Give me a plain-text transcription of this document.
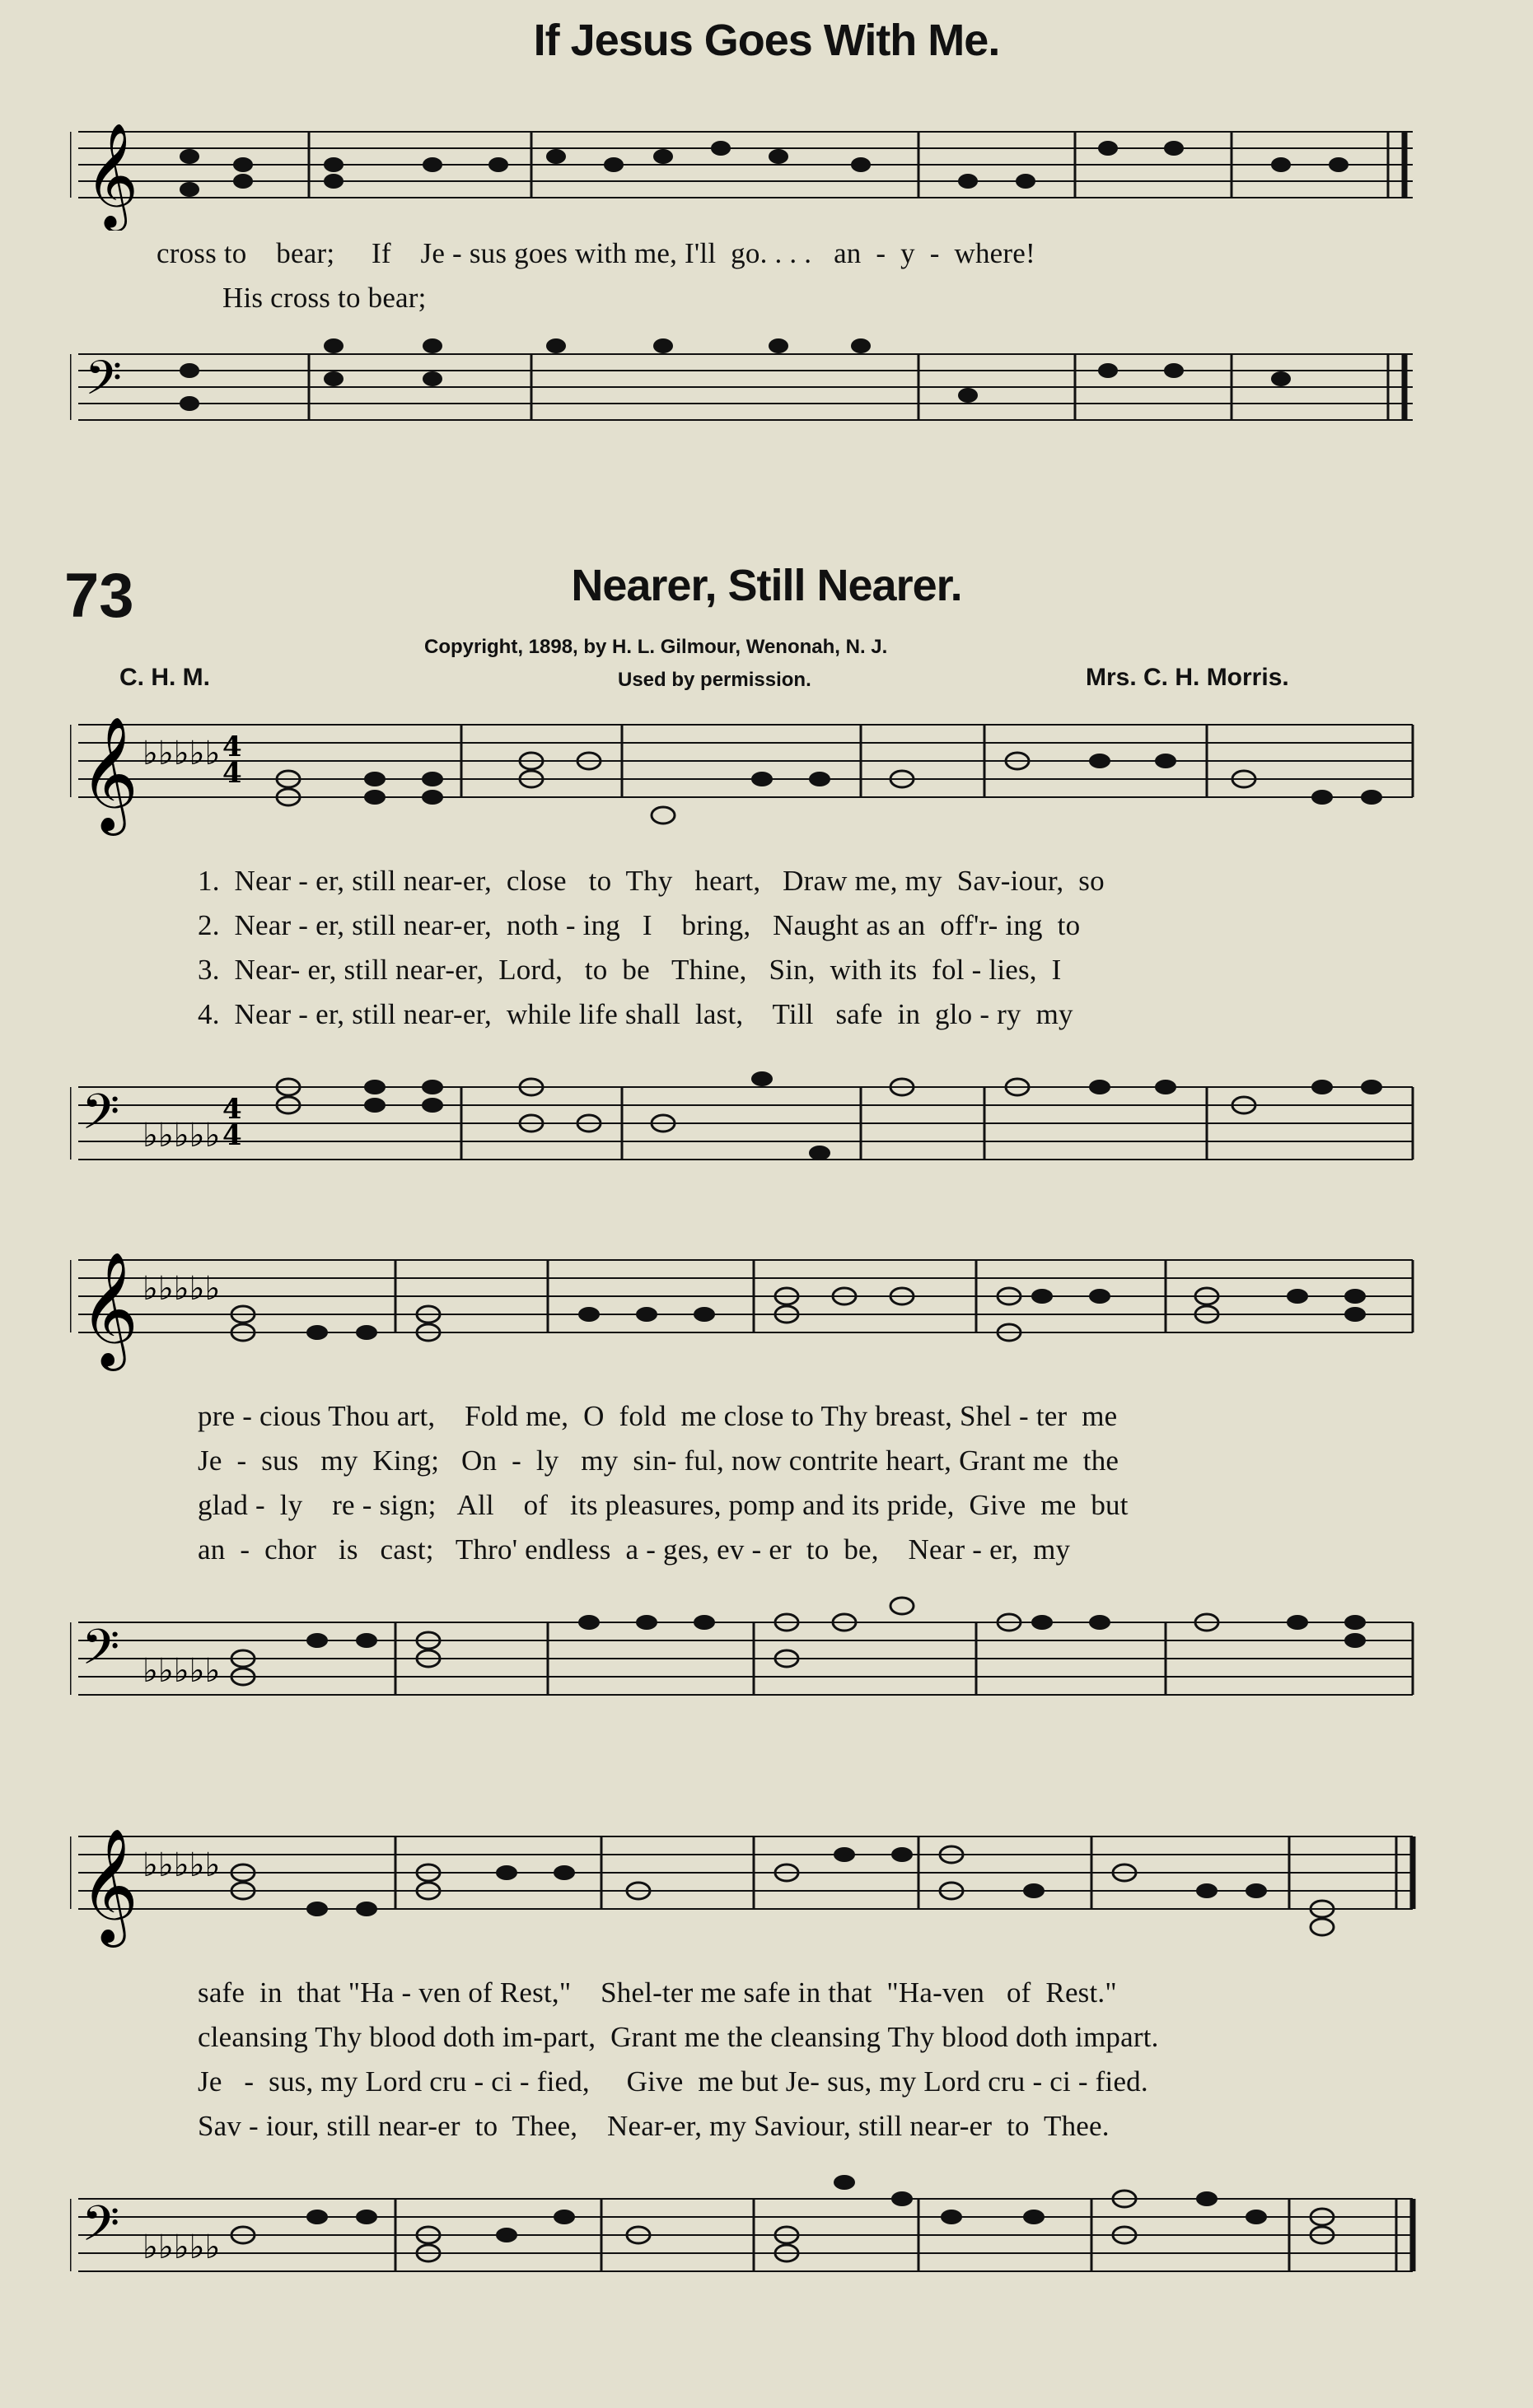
If Jesus Goes With Me.
𝄞
cross to    bear;     If    Je - sus goes with me, I'll  go. . . .   an  -  y  -  where!
His cross to bear;
𝄢
73	Nearer, Still Nearer.
Copyright, 1898, by H. L. Gilmour, Wenonah, N. J.
Used by permission.
C. H. M.	Mrs. C. H. Morris.
𝄞 ♭♭♭♭♭ 4
4
1.  Near - er, still near-er,  close   to  Thy   heart,   Draw me, my  Sav-iour,  so
2.  Near - er, still near-er,  noth - ing   I    bring,   Naught as an  off'r- ing  to
3.  Near- er, still near-er,  Lord,   to  be   Thine,   Sin,  with its  fol - lies,  I
4.  Near - er, still near-er,  while life shall  last,    Till   safe  in  glo - ry  my
𝄢 ♭♭♭♭♭
4
4
𝄞 ♭♭♭♭♭
pre - cious Thou art,    Fold me,  O  fold  me close to Thy breast, Shel - ter  me
Je  -  sus   my  King;   On  -  ly   my  sin- ful, now contrite heart, Grant me  the
glad -  ly    re - sign;   All    of   its pleasures, pomp and its pride,  Give  me  but
an  -  chor   is   cast;   Thro' endless  a - ges, ev - er  to  be,    Near - er,  my
𝄢 ♭♭♭♭♭
𝄞 ♭♭♭♭♭
safe  in  that "Ha - ven of Rest,"    Shel-ter me safe in that  "Ha-ven   of  Rest."
cleansing Thy blood doth im-part,  Grant me the cleansing Thy blood doth impart.
Je   -  sus, my Lord cru - ci - fied,     Give  me but Je- sus, my Lord cru - ci - fied.
Sav - iour, still near-er  to  Thee,    Near-er, my Saviour, still near-er  to  Thee.
𝄢 ♭♭♭♭♭
